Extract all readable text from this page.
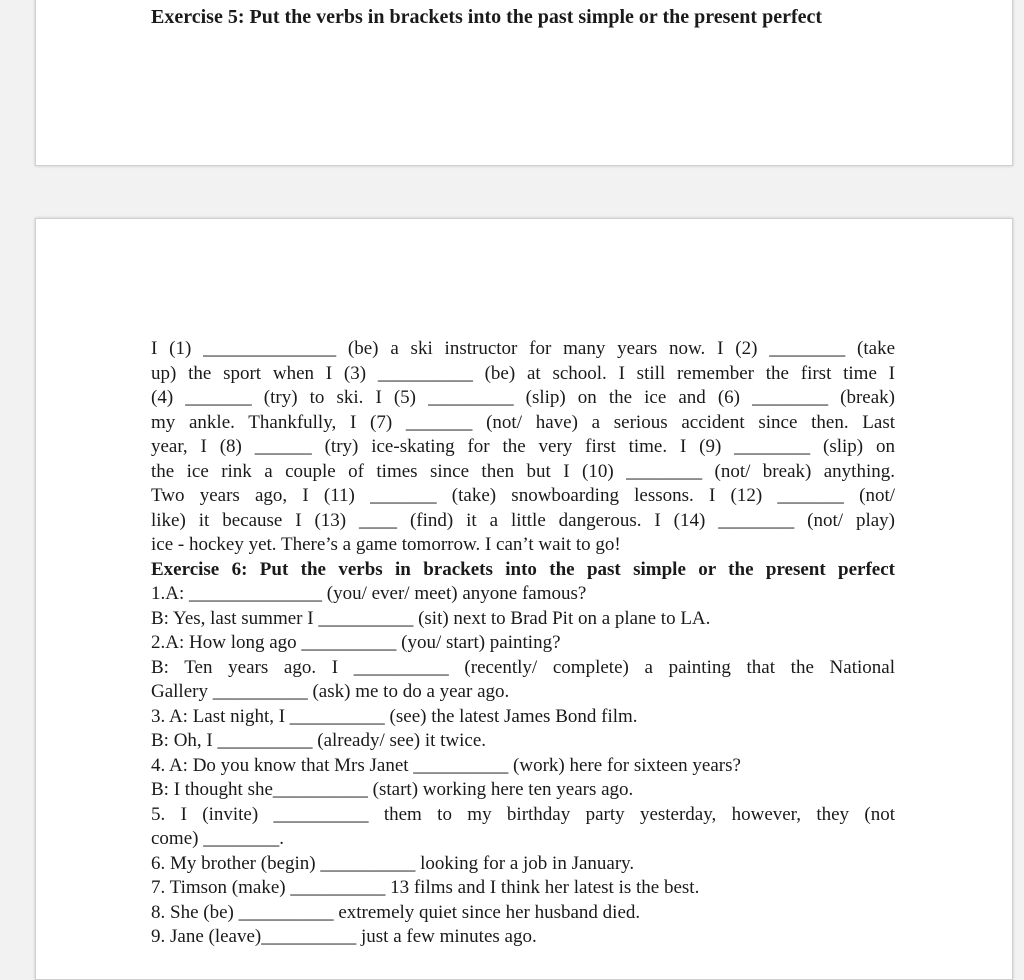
Exercise 5: Put the verbs in brackets into the past simple or the present perfect

I (1) ______________ (be) a ski instructor for many years now. I (2) ________ (take

up) the sport when I (3) __________ (be) at school. I still remember the first time I

(4) _______ (try) to ski. I (5) _________ (slip) on the ice and (6) ________ (break)

my ankle. Thankfully, I (7) _______ (not/ have) a serious accident since then. Last

year, I (8) ______ (try) ice-skating for the very first time. I (9) ________ (slip) on

the ice rink a couple of times since then but I (10) ________ (not/ break) anything.

Two years ago, I (11) _______ (take) snowboarding lessons. I (12) _______ (not/

like) it because I (13) ____ (find) it a little dangerous. I (14) ________ (not/ play)

ice - hockey yet. There’s a game tomorrow. I can’t wait to go!

Exercise 6: Put the verbs in brackets into the past simple or the present perfect

1.A: ______________ (you/ ever/ meet) anyone famous?

B: Yes, last summer I __________ (sit) next to Brad Pit on a plane to LA.

2.A: How long ago __________ (you/ start) painting?

B: Ten years ago. I __________ (recently/ complete) a painting that the National

Gallery __________ (ask) me to do a year ago.

3. A: Last night, I __________ (see) the latest James Bond film.

B: Oh, I __________ (already/ see) it twice.

4. A: Do you know that Mrs Janet __________ (work) here for sixteen years?

B: I thought she__________ (start) working here ten years ago.

5. I (invite) __________ them to my birthday party yesterday, however, they (not

come) ________.

6. My brother (begin) __________ looking for a job in January.

7. Timson (make) __________ 13 films and I think her latest is the best.

8. She (be) __________ extremely quiet since her husband died.

9. Jane (leave)__________ just a few minutes ago.
